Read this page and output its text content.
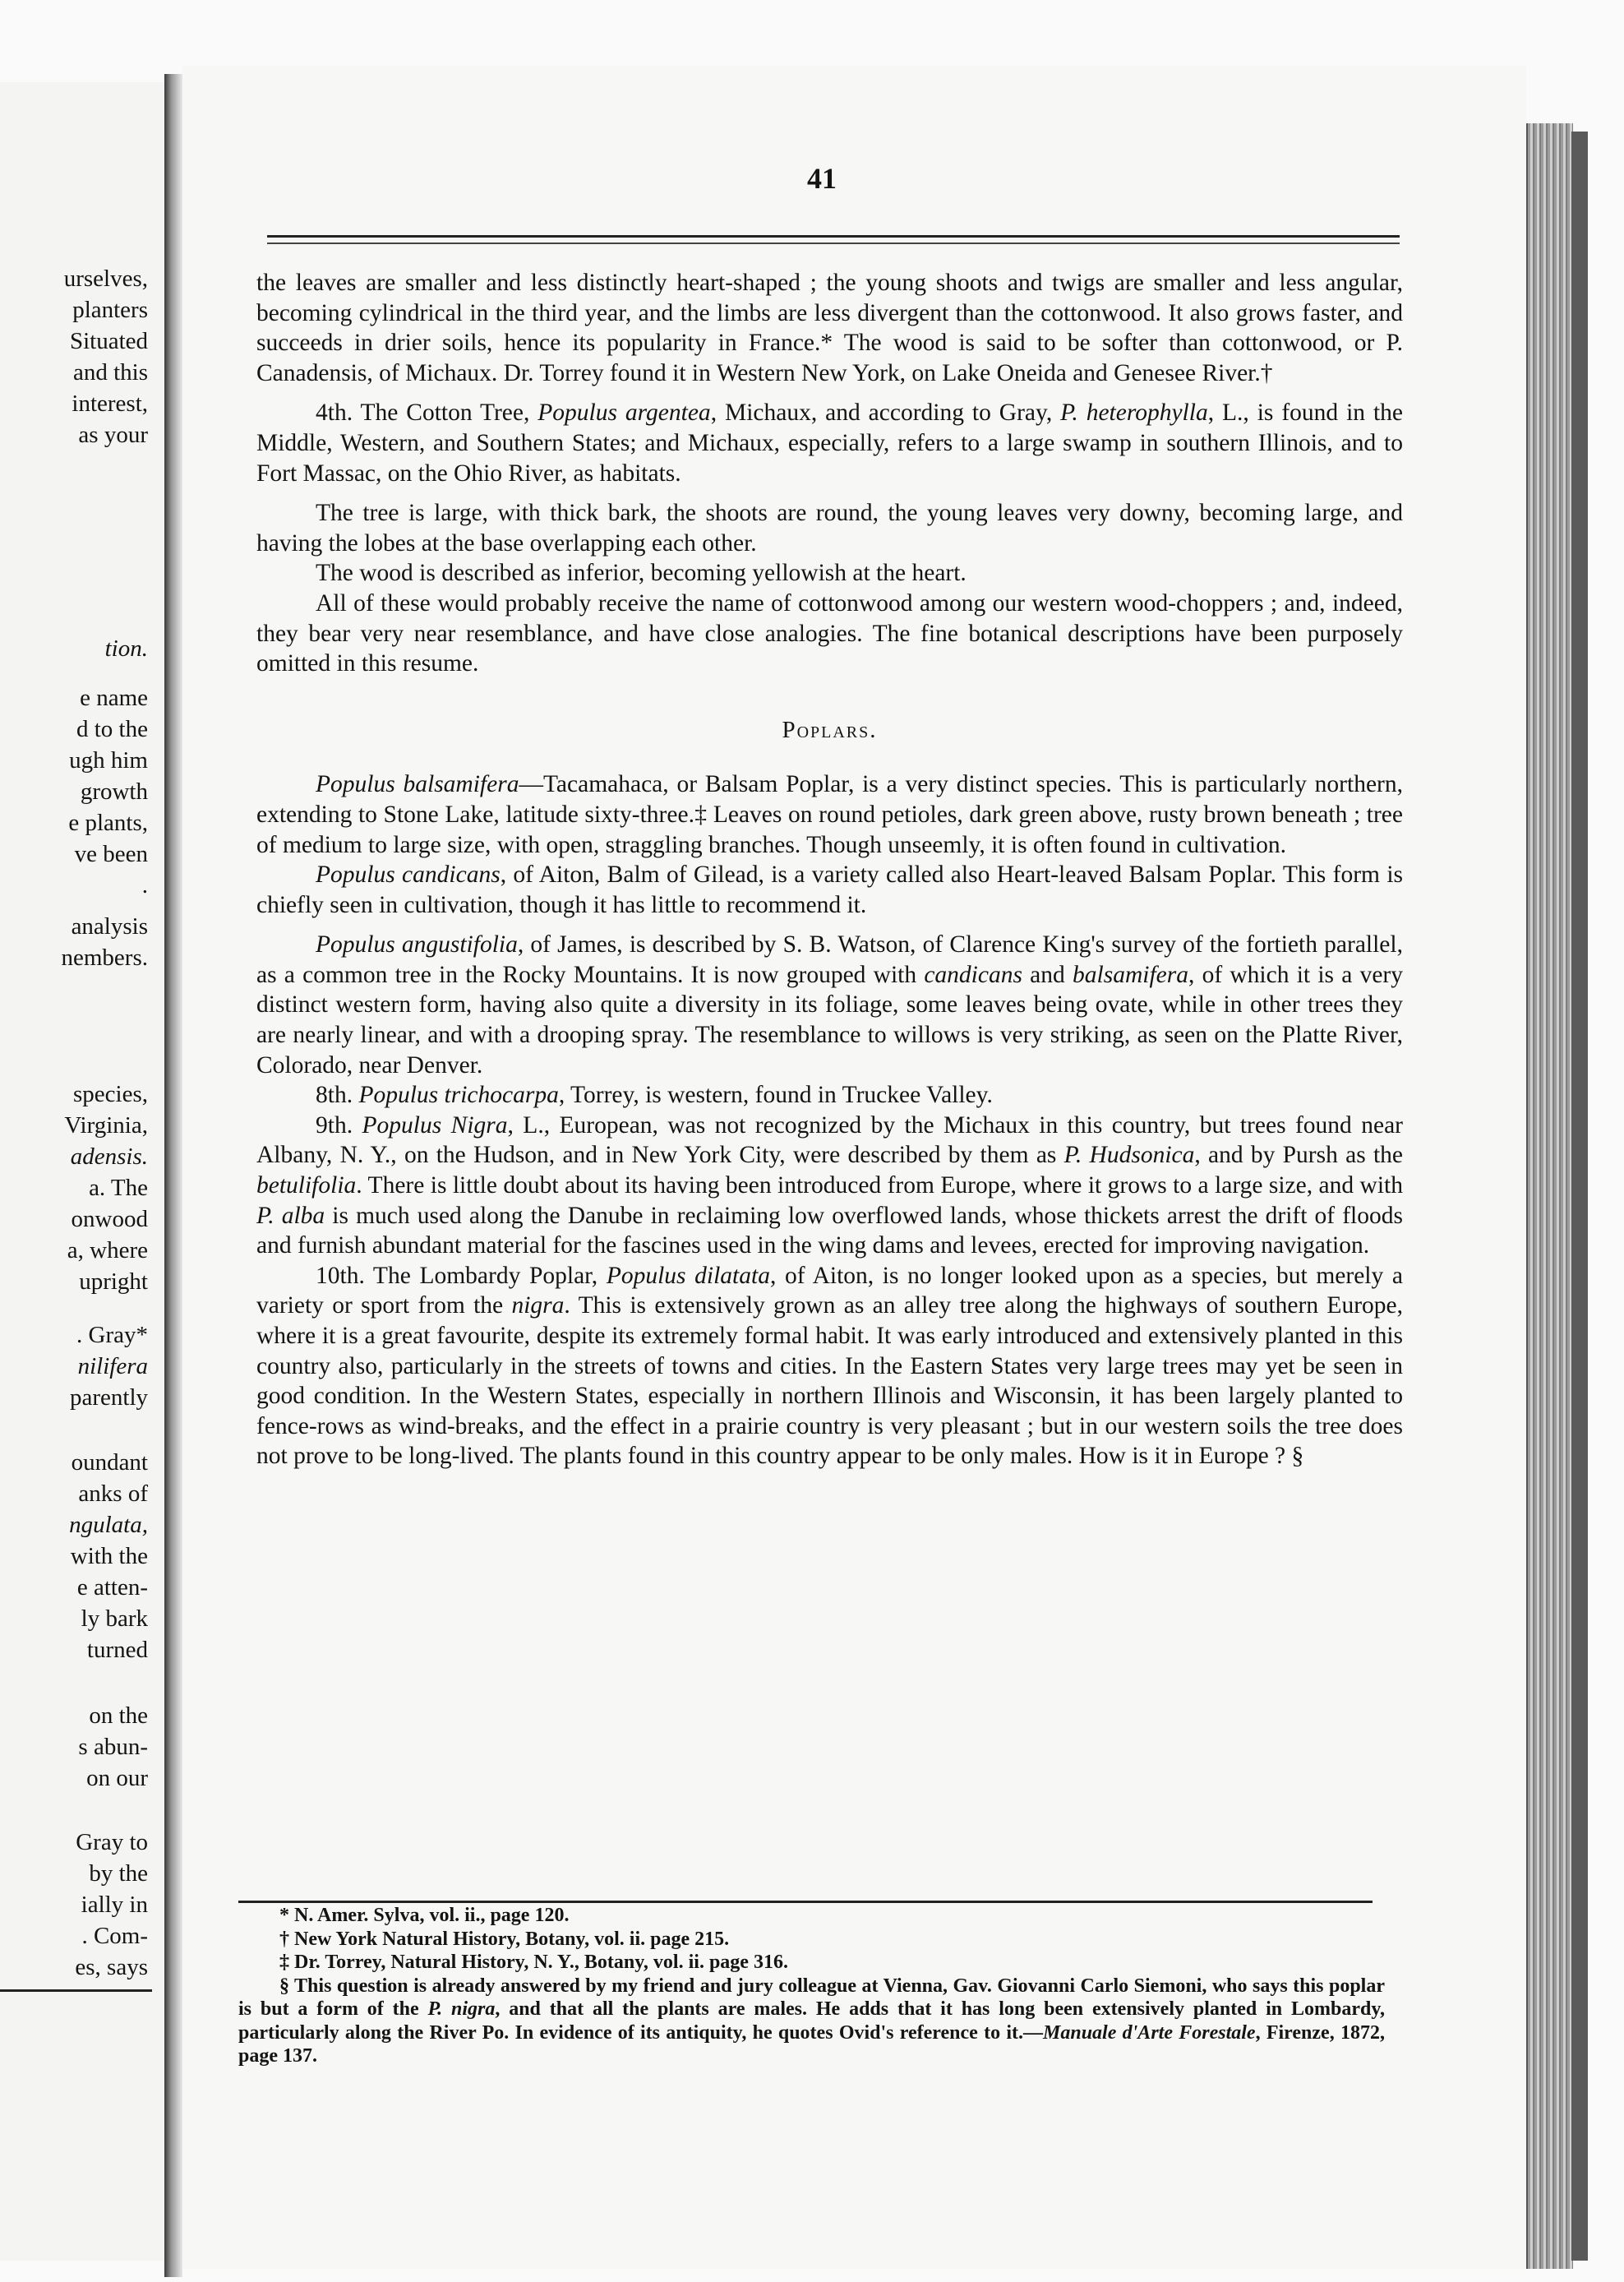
urselves,
planters
Situated
and this
interest,
as your
tion.
e name
d to the
ugh him
growth
e plants,
ve been
.
analysis
nembers.
species,
Virginia,
adensis.
a. The
onwood
a, where
upright
. Gray*
nilifera
parently
oundant
anks of
ngulata,
with the
e atten-
ly bark
turned
on the
s abun-
on our
Gray to
by the
ially in
. Com-
es, says
41

the leaves are smaller and less distinctly heart-shaped ; the young shoots and twigs are smaller and less angular, becoming cylindrical in the third year, and the limbs are less divergent than the cottonwood. It also grows faster, and succeeds in drier soils, hence its popularity in France.* The wood is said to be softer than cottonwood, or P. Canadensis, of Michaux. Dr. Torrey found it in Western New York, on Lake Oneida and Genesee River.†

4th. The Cotton Tree, Populus argentea, Michaux, and according to Gray, P. heterophylla, L., is found in the Middle, Western, and Southern States; and Michaux, especially, refers to a large swamp in southern Illinois, and to Fort Massac, on the Ohio River, as habitats.

The tree is large, with thick bark, the shoots are round, the young leaves very downy, becoming large, and having the lobes at the base overlapping each other.

The wood is described as inferior, becoming yellowish at the heart.

All of these would probably receive the name of cottonwood among our western wood-choppers ; and, indeed, they bear very near resemblance, and have close analogies. The fine botanical descriptions have been purposely omitted in this resume.

Poplars.

Populus balsamifera—Tacamahaca, or Balsam Poplar, is a very distinct species. This is particularly northern, extending to Stone Lake, latitude sixty-three.‡ Leaves on round petioles, dark green above, rusty brown beneath ; tree of medium to large size, with open, straggling branches. Though unseemly, it is often found in cultivation.

Populus candicans, of Aiton, Balm of Gilead, is a variety called also Heart-leaved Balsam Poplar. This form is chiefly seen in cultivation, though it has little to recommend it.

Populus angustifolia, of James, is described by S. B. Watson, of Clarence King's survey of the fortieth parallel, as a common tree in the Rocky Mountains. It is now grouped with candicans and balsamifera, of which it is a very distinct western form, having also quite a diversity in its foliage, some leaves being ovate, while in other trees they are nearly linear, and with a drooping spray. The resemblance to willows is very striking, as seen on the Platte River, Colorado, near Denver.

8th. Populus trichocarpa, Torrey, is western, found in Truckee Valley.

9th. Populus Nigra, L., European, was not recognized by the Michaux in this country, but trees found near Albany, N. Y., on the Hudson, and in New York City, were described by them as P. Hudsonica, and by Pursh as the betulifolia. There is little doubt about its having been introduced from Europe, where it grows to a large size, and with P. alba is much used along the Danube in reclaiming low overflowed lands, whose thickets arrest the drift of floods and furnish abundant material for the fascines used in the wing dams and levees, erected for improving navigation.

10th. The Lombardy Poplar, Populus dilatata, of Aiton, is no longer looked upon as a species, but merely a variety or sport from the nigra. This is extensively grown as an alley tree along the highways of southern Europe, where it is a great favourite, despite its extremely formal habit. It was early introduced and extensively planted in this country also, particularly in the streets of towns and cities. In the Eastern States very large trees may yet be seen in good condition. In the Western States, especially in northern Illinois and Wisconsin, it has been largely planted to fence-rows as wind-breaks, and the effect in a prairie country is very pleasant ; but in our western soils the tree does not prove to be long-lived. The plants found in this country appear to be only males. How is it in Europe ? §

* N. Amer. Sylva, vol. ii., page 120.

† New York Natural History, Botany, vol. ii. page 215.

‡ Dr. Torrey, Natural History, N. Y., Botany, vol. ii. page 316.

§ This question is already answered by my friend and jury colleague at Vienna, Gav. Giovanni Carlo Siemoni, who says this poplar is but a form of the P. nigra, and that all the plants are males. He adds that it has long been extensively planted in Lombardy, particularly along the River Po. In evidence of its antiquity, he quotes Ovid's reference to it.—Manuale d'Arte Forestale, Firenze, 1872, page 137.
